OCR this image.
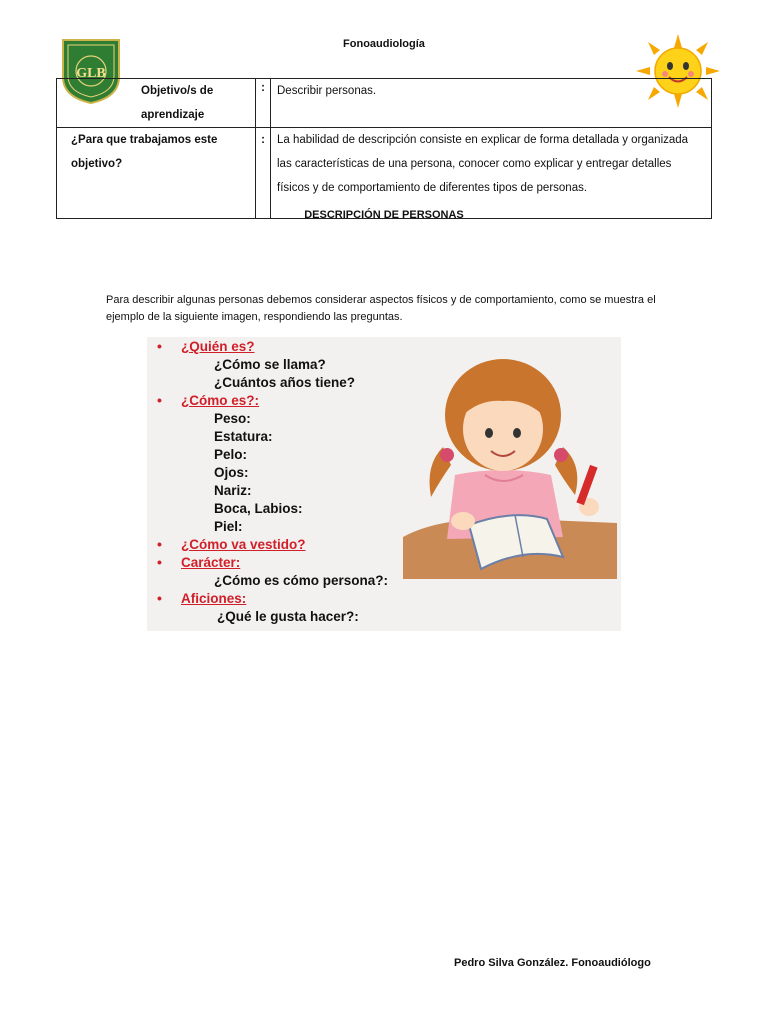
Fonoaudiología
GLB
Objetivo/s de aprendizaje	:	Describir personas.

¿Para que trabajamos este objetivo?	:	La habilidad de descripción consiste en explicar de forma detallada y organizada las características de una persona, conocer como explicar y entregar detalles físicos y de comportamiento de diferentes tipos de personas.
DESCRIPCIÓN DE PERSONAS
Para describir algunas personas debemos considerar aspectos físicos y de comportamiento, como se muestra el ejemplo de la siguiente imagen, respondiendo las preguntas.
• ¿Quién es?
¿Cómo se llama?
¿Cuántos años tiene?
• ¿Cómo es?:
Peso:
Estatura:
Pelo:
Ojos:
Nariz:
Boca, Labios:
Piel:
• ¿Cómo va vestido?
• Carácter:
¿Cómo es cómo persona?:
• Aficiones:
¿Qué le gusta hacer?:
Pedro Silva González. Fonoaudiólogo
